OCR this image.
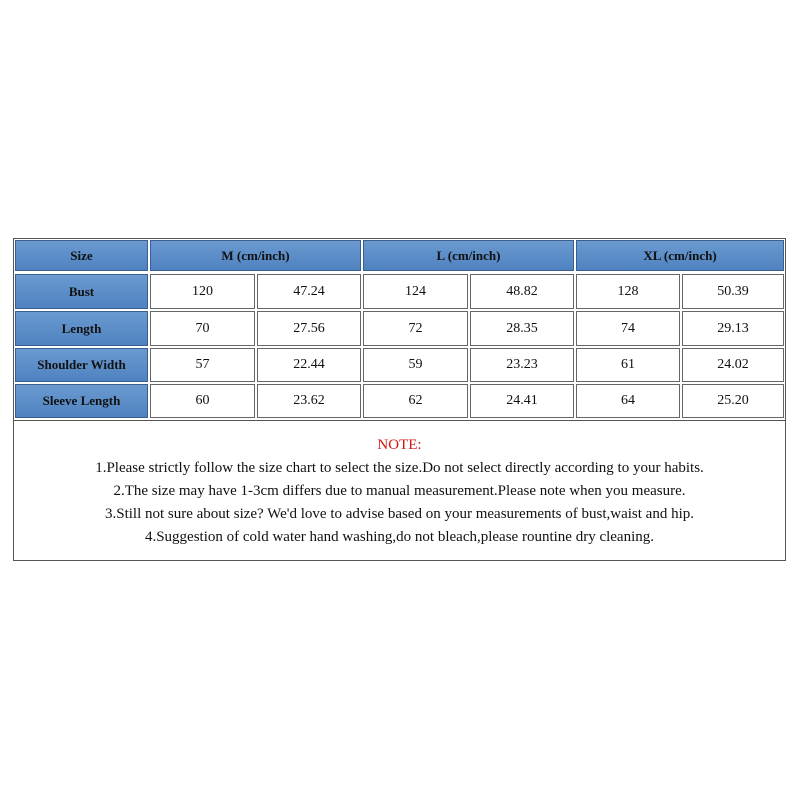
Size	M (cm/inch)	L (cm/inch)	XL (cm/inch)
Bust	120	47.24	124	48.82	128	50.39
Length	70	27.56	72	28.35	74	29.13
Shoulder Width	57	22.44	59	23.23	61	24.02
Sleeve Length	60	23.62	62	24.41	64	25.20
NOTE:
1.Please strictly follow the size chart to select the size.Do not select directly according to your habits.
2.The size may have 1-3cm differs due to manual measurement.Please note when you measure.
3.Still not sure about size? We'd love to advise based on your measurements of bust,waist and hip.
4.Suggestion of cold water hand washing,do not bleach,please rountine dry cleaning.
